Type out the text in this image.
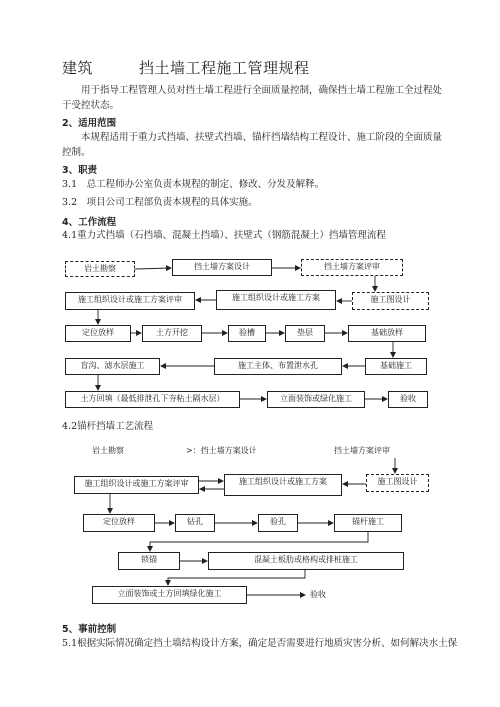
建筑	挡土墙工程施工管理规程
用于指导工程管理人员对挡土墙工程进行全面质量控制，确保挡土墙工程施工全过程处于受控状态。
2、适用范围
本规程适用于重力式挡墙、扶壁式挡墙、锚杆挡墙结构工程设计、施工阶段的全面质量控制。
3、职责
3.1　总工程师办公室负责本规程的制定、修改、分发及解释。
3.2　项目公司工程部负责本规程的具体实施。
4、工作流程
4.1重力式挡墙（石挡墙、混凝土挡墙）、扶壁式（钢筋混凝土）挡墙管理流程
岩土勘察	挡土墙方案设计	挡土墙方案评审
施工组织设计或施工方案评审	施工组织设计或施工方案	施工图设计
定位放样	土方开挖	验槽	垫层	基础放样
盲沟、滤水层施工	施工主体、布置泄水孔	基础施工
土方回填（最低排泄孔下夯粘土隔水层）	立面装饰或绿化施工	验收
4.2锚杆挡墙工艺流程
岩土勘察	>：挡土墙方案设计	挡土墙方案评审
施工组织设计或施工方案评审	施工组织设计或施工方案	施工图设计
定位放样	钻孔	验孔	锚杆施工
锁锚	混凝土板肋或格构或排桩施工
立面装饰或土方回填绿化施工	验收
5、事前控制
5.1根据实际情况确定挡土墙结构设计方案，确定是否需要进行地质灾害分析、如何解决水土保
